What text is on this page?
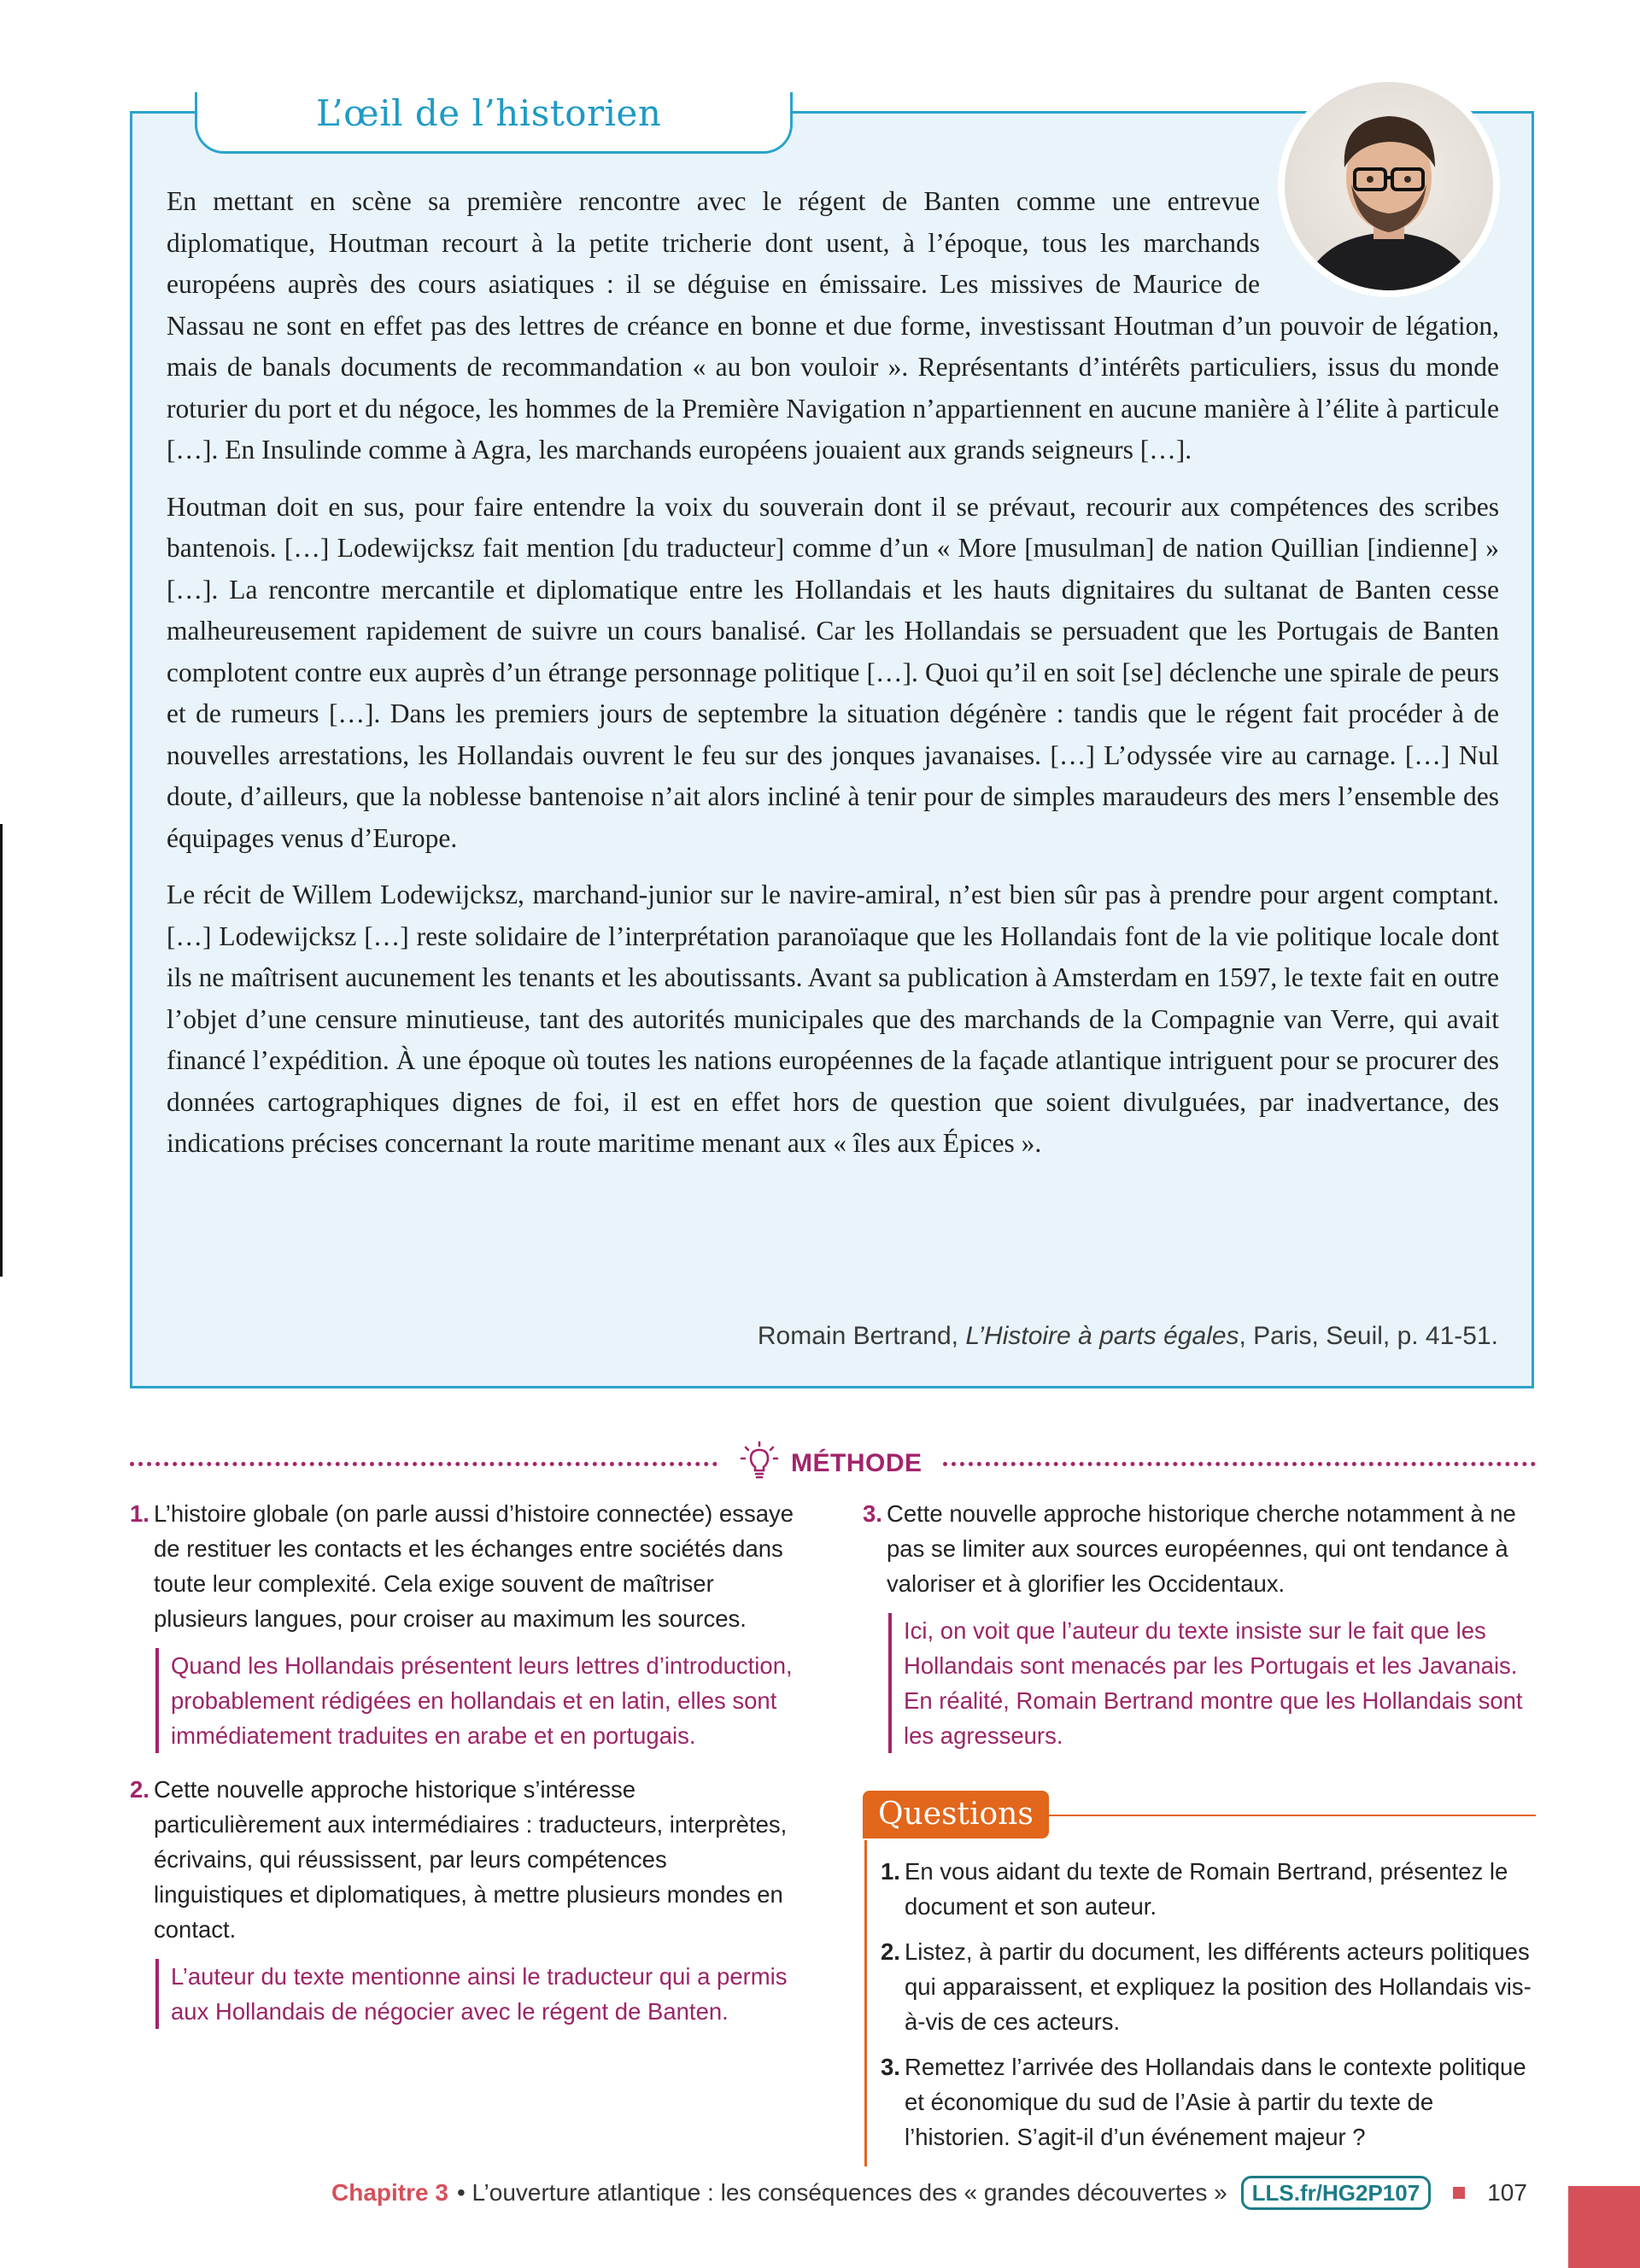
L’œil de l’historien

En mettant en scène sa première rencontre avec le régent de Banten comme une entrevue diplomatique, Houtman recourt à la petite tricherie dont usent, à l’époque, tous les marchands européens auprès des cours asiatiques : il se déguise en émissaire. Les missives de Maurice de Nassau ne sont en effet pas des lettres de créance en bonne et due forme, investissant Houtman d’un pouvoir de légation, mais de banals documents de recommandation « au bon vouloir ». Représentants d’intérêts particuliers, issus du monde roturier du port et du négoce, les hommes de la Première Navigation n’appartiennent en aucune manière à l’élite à particule […]. En Insulinde comme à Agra, les marchands européens jouaient aux grands seigneurs […].

Houtman doit en sus, pour faire entendre la voix du souverain dont il se prévaut, recourir aux compétences des scribes bantenois. […] Lodewijcksz fait mention [du traducteur] comme d’un « More [musulman] de nation Quillian [indienne] » […]. La rencontre mercantile et diplomatique entre les Hollandais et les hauts dignitaires du sultanat de Banten cesse malheureusement rapidement de suivre un cours banalisé. Car les Hollandais se persuadent que les Portugais de Banten complotent contre eux auprès d’un étrange personnage politique […]. Quoi qu’il en soit [se] déclenche une spirale de peurs et de rumeurs […]. Dans les premiers jours de septembre la situation dégénère : tandis que le régent fait procéder à de nouvelles arrestations, les Hollandais ouvrent le feu sur des jonques javanaises. […] L’odyssée vire au carnage. […] Nul doute, d’ailleurs, que la noblesse bantenoise n’ait alors incliné à tenir pour de simples maraudeurs des mers l’ensemble des équipages venus d’Europe.

Le récit de Willem Lodewijcksz, marchand-junior sur le navire-amiral, n’est bien sûr pas à prendre pour argent comptant. […] Lodewijcksz […] reste solidaire de l’interprétation paranoïaque que les Hollandais font de la vie politique locale dont ils ne maîtrisent aucunement les tenants et les aboutissants. Avant sa publication à Amsterdam en 1597, le texte fait en outre l’objet d’une censure minutieuse, tant des autorités municipales que des marchands de la Compagnie van Verre, qui avait financé l’expédition. À une époque où toutes les nations européennes de la façade atlantique intriguent pour se procurer des données cartographiques dignes de foi, il est en effet hors de question que soient divulguées, par inadvertance, des indications précises concernant la route maritime menant aux « îles aux Épices ».

Romain Bertrand, L’Histoire à parts égales, Paris, Seuil, p. 41-51.
MÉTHODE
1. L’histoire globale (on parle aussi d’histoire connectée) essaye de restituer les contacts et les échanges entre sociétés dans toute leur complexité. Cela exige souvent de maîtriser plusieurs langues, pour croiser au maximum les sources.
Quand les Hollandais présentent leurs lettres d’introduction, probablement rédigées en hollandais et en latin, elles sont immédiatement traduites en arabe et en portugais.
2. Cette nouvelle approche historique s’intéresse particulièrement aux intermédiaires : traducteurs, interprètes, écrivains, qui réussissent, par leurs compétences linguistiques et diplomatiques, à mettre plusieurs mondes en contact.
L’auteur du texte mentionne ainsi le traducteur qui a permis aux Hollandais de négocier avec le régent de Banten.
3. Cette nouvelle approche historique cherche notamment à ne pas se limiter aux sources européennes, qui ont tendance à valoriser et à glorifier les Occidentaux.
Ici, on voit que l’auteur du texte insiste sur le fait que les Hollandais sont menacés par les Portugais et les Javanais. En réalité, Romain Bertrand montre que les Hollandais sont les agresseurs.
Questions
1. En vous aidant du texte de Romain Bertrand, présentez le document et son auteur.
2. Listez, à partir du document, les différents acteurs politiques qui apparaissent, et expliquez la position des Hollandais vis-à-vis de ces acteurs.
3. Remettez l’arrivée des Hollandais dans le contexte politique et économique du sud de l’Asie à partir du texte de l’historien. S’agit-il d’un événement majeur ?
Chapitre 3 • L’ouverture atlantique : les conséquences des « grandes découvertes »	LLS.fr/HG2P107	107
